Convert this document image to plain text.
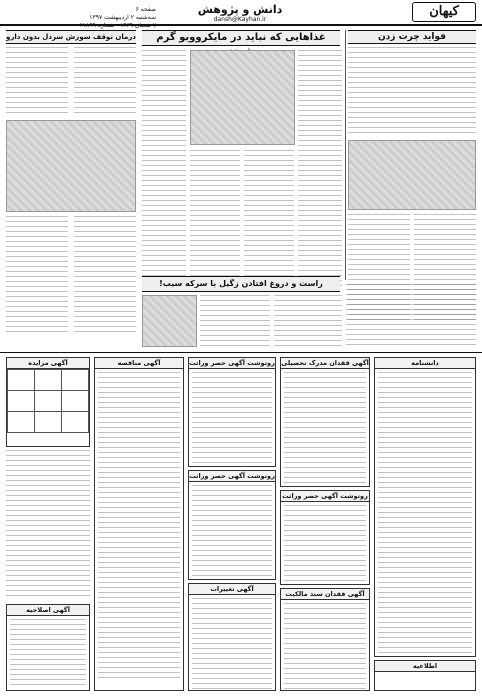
صفحه ۶
سه‌شنبه ۲ اردیبهشت ۱۳۹۷
دانش و پژوهش
dansh@Kayhan.ir
کیهان
فواید چرت زدن
غذاهایی که نباید در مایکروویو گرم
درمان توقف سوزش سردل بدون دارو
راست و دروغ افتادن زگیل با سرکه سیب!
آگهی مزایده

آگهی اصلاحیه
آگهی مناقصه	روتوشت آگهی حصر وراثت
روتوشت آگهی حصر وراثت
آگهی تغییرات
آگهی فقدان مدرک تحصیلی
روتوشت آگهی حصر وراثت
آگهی فقدان سند مالکیت
دانشنامه
اطلاعیه
